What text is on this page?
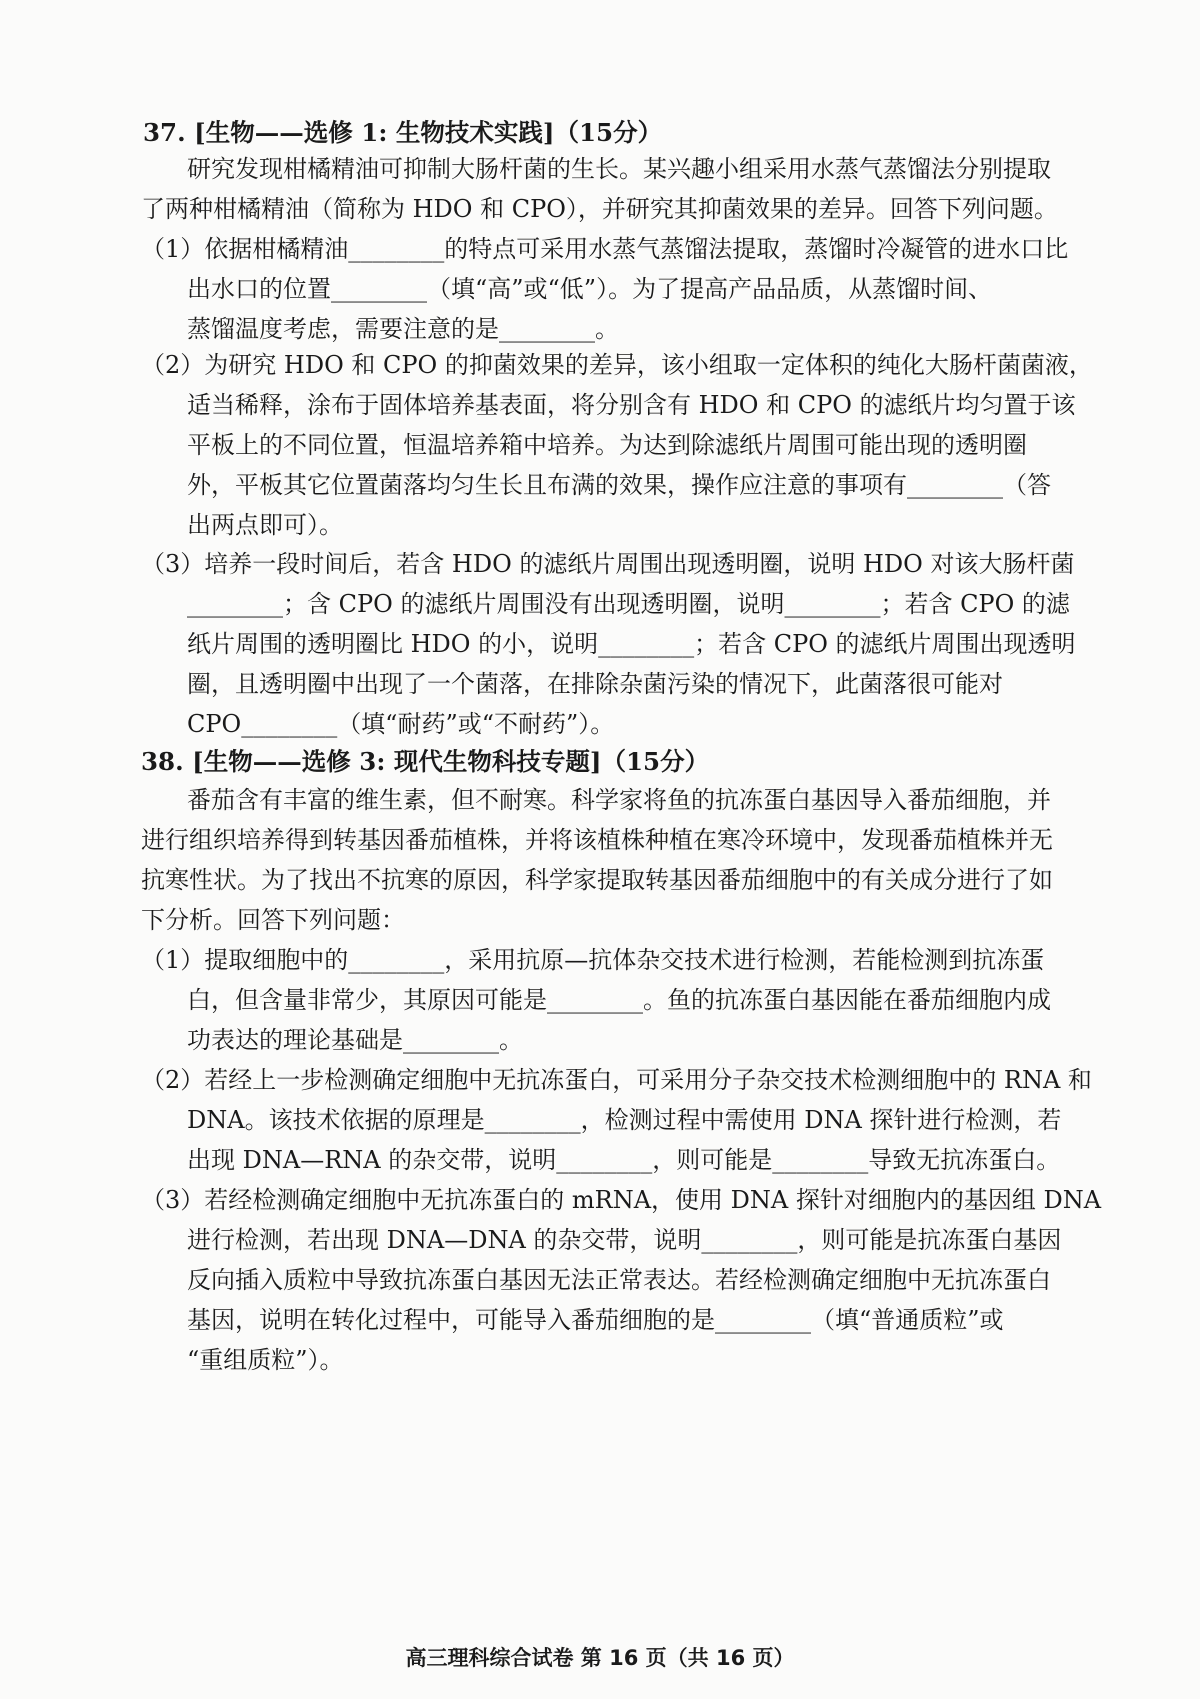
37. [生物——选修 1: 生物技术实践]（15分）
研究发现柑橘精油可抑制大肠杆菌的生长。某兴趣小组采用水蒸气蒸馏法分别提取
了两种柑橘精油（简称为 HDO 和 CPO），并研究其抑菌效果的差异。回答下列问题。
（1）依据柑橘精油________的特点可采用水蒸气蒸馏法提取，蒸馏时冷凝管的进水口比
出水口的位置________（填“高”或“低”）。为了提高产品品质，从蒸馏时间、
蒸馏温度考虑，需要注意的是________。
（2）为研究 HDO 和 CPO 的抑菌效果的差异，该小组取一定体积的纯化大肠杆菌菌液，
适当稀释，涂布于固体培养基表面，将分别含有 HDO 和 CPO 的滤纸片均匀置于该
平板上的不同位置，恒温培养箱中培养。为达到除滤纸片周围可能出现的透明圈
外，平板其它位置菌落均匀生长且布满的效果，操作应注意的事项有________（答
出两点即可）。
（3）培养一段时间后，若含 HDO 的滤纸片周围出现透明圈，说明 HDO 对该大肠杆菌
________；含 CPO 的滤纸片周围没有出现透明圈，说明________；若含 CPO 的滤
纸片周围的透明圈比 HDO 的小，说明________；若含 CPO 的滤纸片周围出现透明
圈，且透明圈中出现了一个菌落，在排除杂菌污染的情况下，此菌落很可能对
CPO________（填“耐药”或“不耐药”）。
38. [生物——选修 3: 现代生物科技专题]（15分）
番茄含有丰富的维生素，但不耐寒。科学家将鱼的抗冻蛋白基因导入番茄细胞，并
进行组织培养得到转基因番茄植株，并将该植株种植在寒冷环境中，发现番茄植株并无
抗寒性状。为了找出不抗寒的原因，科学家提取转基因番茄细胞中的有关成分进行了如
下分析。回答下列问题：
（1）提取细胞中的________，采用抗原—抗体杂交技术进行检测，若能检测到抗冻蛋
白，但含量非常少，其原因可能是________。鱼的抗冻蛋白基因能在番茄细胞内成
功表达的理论基础是________。
（2）若经上一步检测确定细胞中无抗冻蛋白，可采用分子杂交技术检测细胞中的 RNA 和
DNA。该技术依据的原理是________，检测过程中需使用 DNA 探针进行检测，若
出现 DNA—RNA 的杂交带，说明________，则可能是________导致无抗冻蛋白。
（3）若经检测确定细胞中无抗冻蛋白的 mRNA，使用 DNA 探针对细胞内的基因组 DNA
进行检测，若出现 DNA—DNA 的杂交带，说明________，则可能是抗冻蛋白基因
反向插入质粒中导致抗冻蛋白基因无法正常表达。若经检测确定细胞中无抗冻蛋白
基因，说明在转化过程中，可能导入番茄细胞的是________（填“普通质粒”或
“重组质粒”）。
高三理科综合试卷 第 16 页（共 16 页）
